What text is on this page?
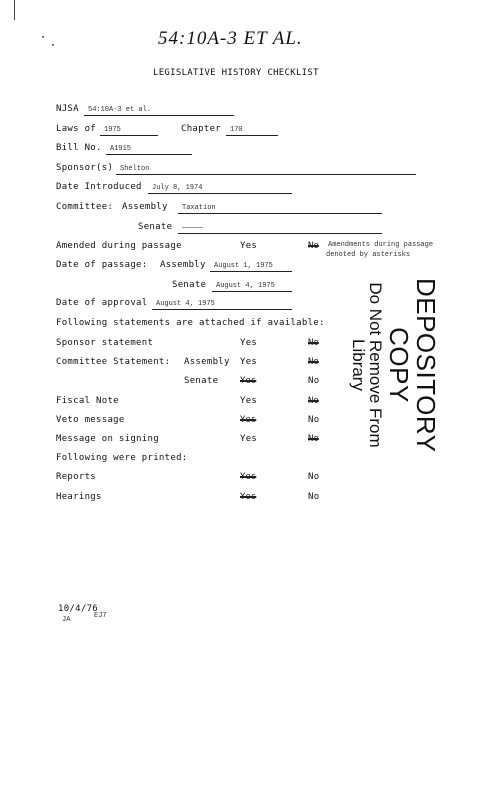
54:10A-3 ET AL.
LEGISLATIVE HISTORY CHECKLIST
NJSA 54:10A-3 et al.
Laws of 1975	Chapter 170
Bill No. A1915
Sponsor(s) Shelton
Date Introduced July 8, 1974
Committee: Assembly Taxation
Senate —————
Amended during passage	Yes	No Amendments during passage
denoted by asterisks
Date of passage: Assembly August 1, 1975
Senate August 4, 1975
Date of approval August 4, 1975
Following statements are attached if available:
Sponsor statement	Yes	No
Committee Statement: Assembly Yes	No
Senate Yes	No
Fiscal Note	Yes	No
Veto message	Yes	No
Message on signing	Yes	No
Following were printed:
Reports	Yes	No
Hearings	Yes	No
DEPOSITORY COPY
Do Not Remove From Library
10/4/76
JA	EJ7
